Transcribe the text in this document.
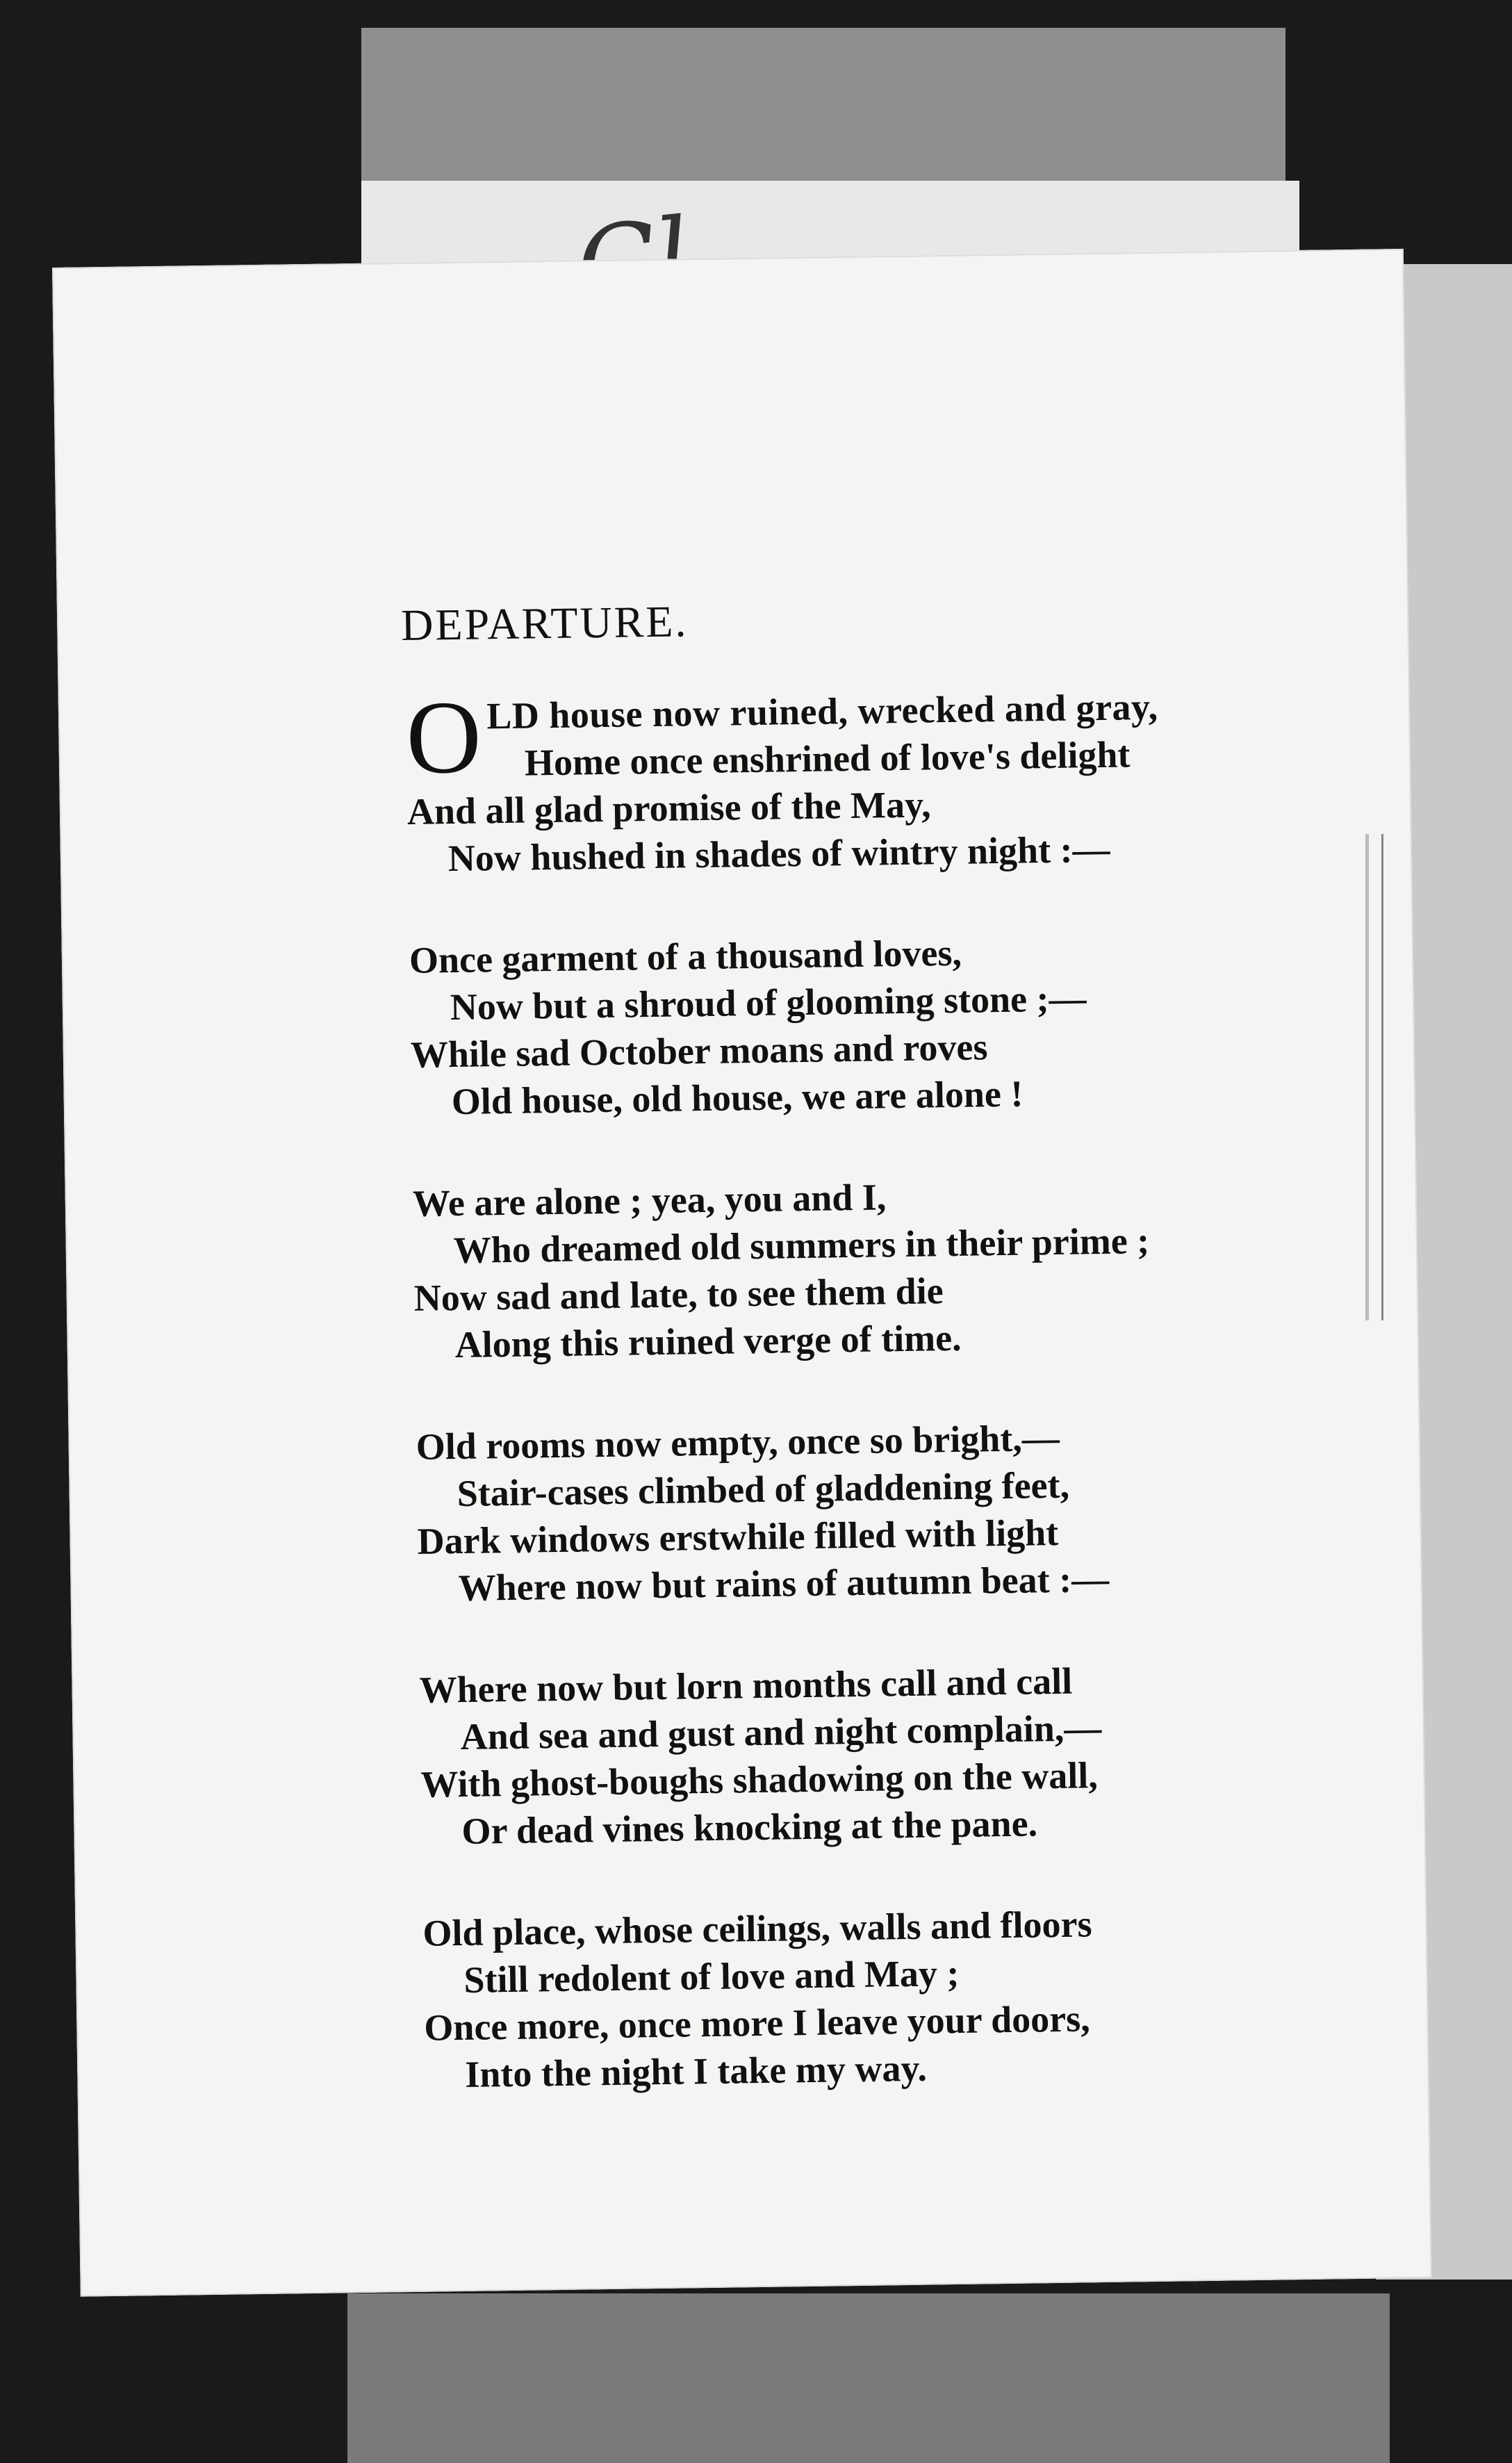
DEPARTURE.
OLD house now ruined, wrecked and gray,
Home once enshrined of love's delight
And all glad promise of the May,
Now hushed in shades of wintry night :—
Once garment of a thousand loves,
Now but a shroud of glooming stone ;—
While sad October moans and roves
Old house, old house, we are alone !
We are alone ; yea, you and I,
Who dreamed old summers in their prime ;
Now sad and late, to see them die
Along this ruined verge of time.
Old rooms now empty, once so bright,—
Stair-cases climbed of gladdening feet,
Dark windows erstwhile filled with light
Where now but rains of autumn beat :—
Where now but lorn months call and call
And sea and gust and night complain,—
With ghost-boughs shadowing on the wall,
Or dead vines knocking at the pane.
Old place, whose ceilings, walls and floors
Still redolent of love and May ;
Once more, once more I leave your doors,
Into the night I take my way.
